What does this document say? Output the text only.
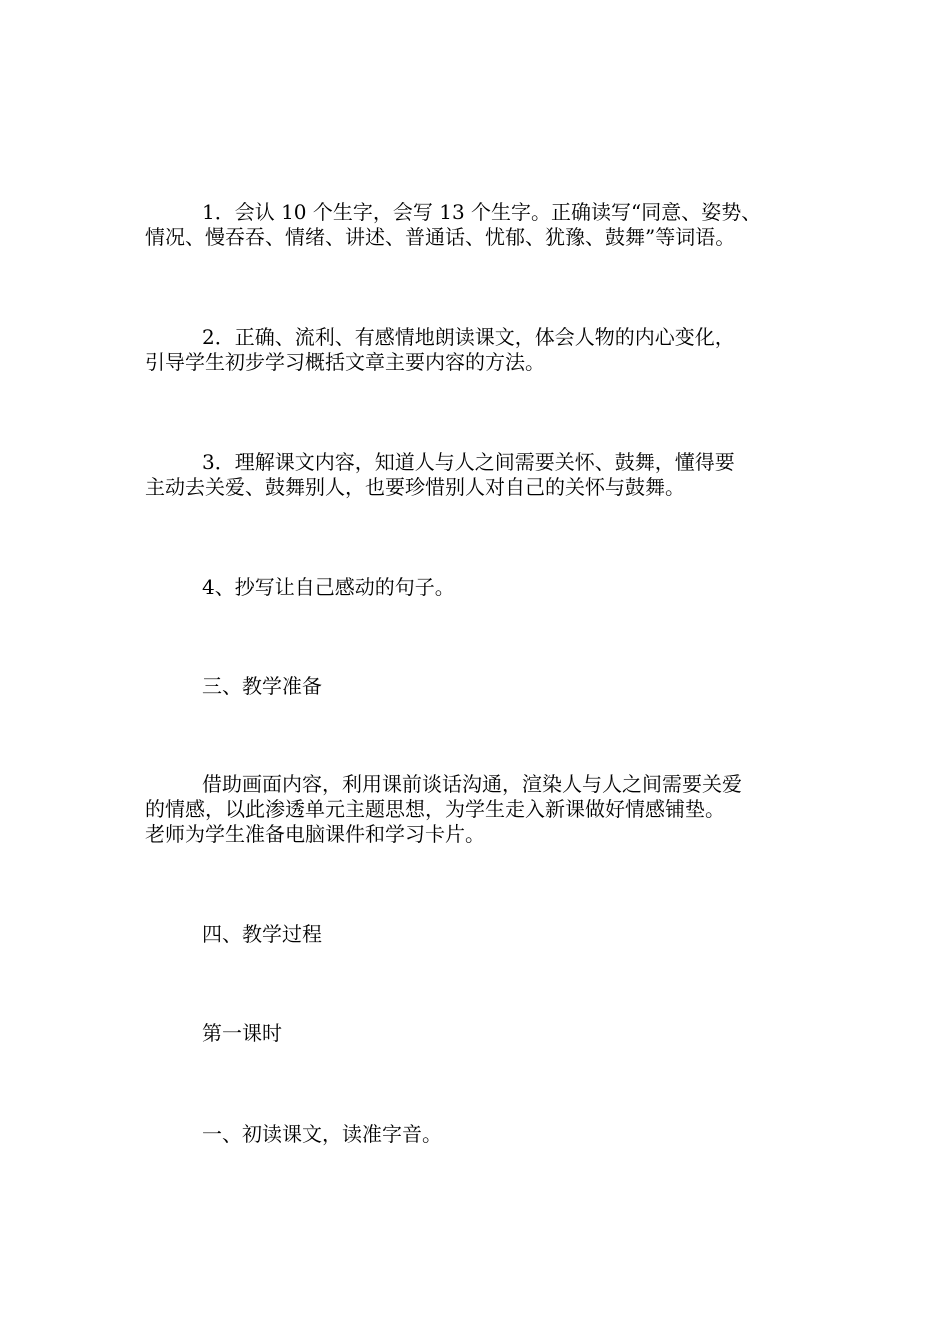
1．会认 10 个生字，会写 13 个生字。正确读写“同意、姿势、
情况、慢吞吞、情绪、讲述、普通话、忧郁、犹豫、鼓舞”等词语。

2．正确、流利、有感情地朗读课文，体会人物的内心变化，
引导学生初步学习概括文章主要内容的方法。

3．理解课文内容，知道人与人之间需要关怀、鼓舞，懂得要
主动去关爱、鼓舞别人，也要珍惜别人对自己的关怀与鼓舞。

4、抄写让自己感动的句子。

三、教学准备

借助画面内容，利用课前谈话沟通，渲染人与人之间需要关爱
的情感，以此渗透单元主题思想，为学生走入新课做好情感铺垫。
老师为学生准备电脑课件和学习卡片。

四、教学过程

第一课时

一、初读课文，读准字音。
